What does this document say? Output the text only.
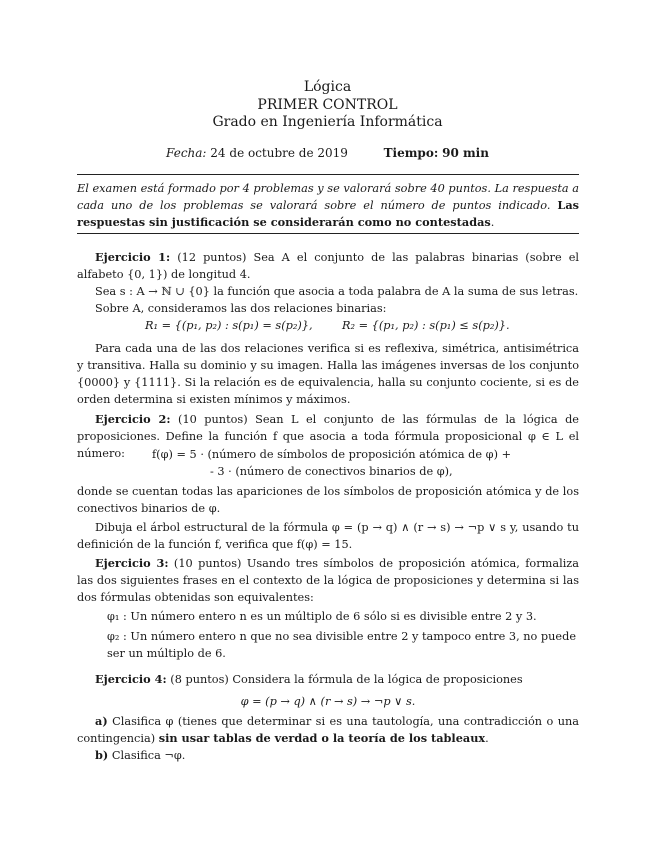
Lógica
PRIMER CONTROL
Grado en Ingeniería Informática
Fecha: 24 de octubre de 2019	Tiempo: 90 min
El examen está formado por 4 problemas y se valorará sobre 40 puntos. La respuesta a cada uno de los problemas se valorará sobre el número de puntos indicado. Las respuestas sin justificación se considerarán como no contestadas.

Ejercicio 1: (12 puntos) Sea A el conjunto de las palabras binarias (sobre el alfabeto {0, 1}) de longitud 4.

Sea s : A → ℕ ∪ {0} la función que asocia a toda palabra de A la suma de sus letras.

Sobre A, consideramos las dos relaciones binarias:

R₁ = {(p₁, p₂) : s(p₁) = s(p₂)},	R₂ = {(p₁, p₂) : s(p₁) ≤ s(p₂)}.

Para cada una de las dos relaciones verifica si es reflexiva, simétrica, antisimétrica y transitiva. Halla su dominio y su imagen. Halla las imágenes inversas de los conjunto {0000} y {1111}. Si la relación es de equivalencia, halla su conjunto cociente, si es de orden determina si existen mínimos y máximos.

Ejercicio 2: (10 puntos) Sean L el conjunto de las fórmulas de la lógica de proposiciones. Define la función f que asocia a toda fórmula proposicional φ ∈ L el número:	f(φ) = 5 · (número de símbolos de proposición atómica de φ) +
- 3 · (número de conectivos binarios de φ),

donde se cuentan todas las apariciones de los símbolos de proposición atómica y de los conectivos binarios de φ.

Dibuja el árbol estructural de la fórmula φ = (p → q) ∧ (r → s) → ¬p ∨ s y, usando tu definición de la función f, verifica que f(φ) = 15.

Ejercicio 3: (10 puntos) Usando tres símbolos de proposición atómica, formaliza las dos siguientes frases en el contexto de la lógica de proposiciones y determina si las dos fórmulas obtenidas son equivalentes:

φ₁ : Un número entero n es un múltiplo de 6 sólo si es divisible entre 2 y 3.
φ₂ : Un número entero n que no sea divisible entre 2 y tampoco entre 3, no puede
ser un múltiplo de 6.

Ejercicio 4: (8 puntos) Considera la fórmula de la lógica de proposiciones

φ = (p → q) ∧ (r → s) → ¬p ∨ s.

a) Clasifica φ (tienes que determinar si es una tautología, una contradicción o una contingencia) sin usar tablas de verdad o la teoría de los tableaux.

b) Clasifica ¬φ.
